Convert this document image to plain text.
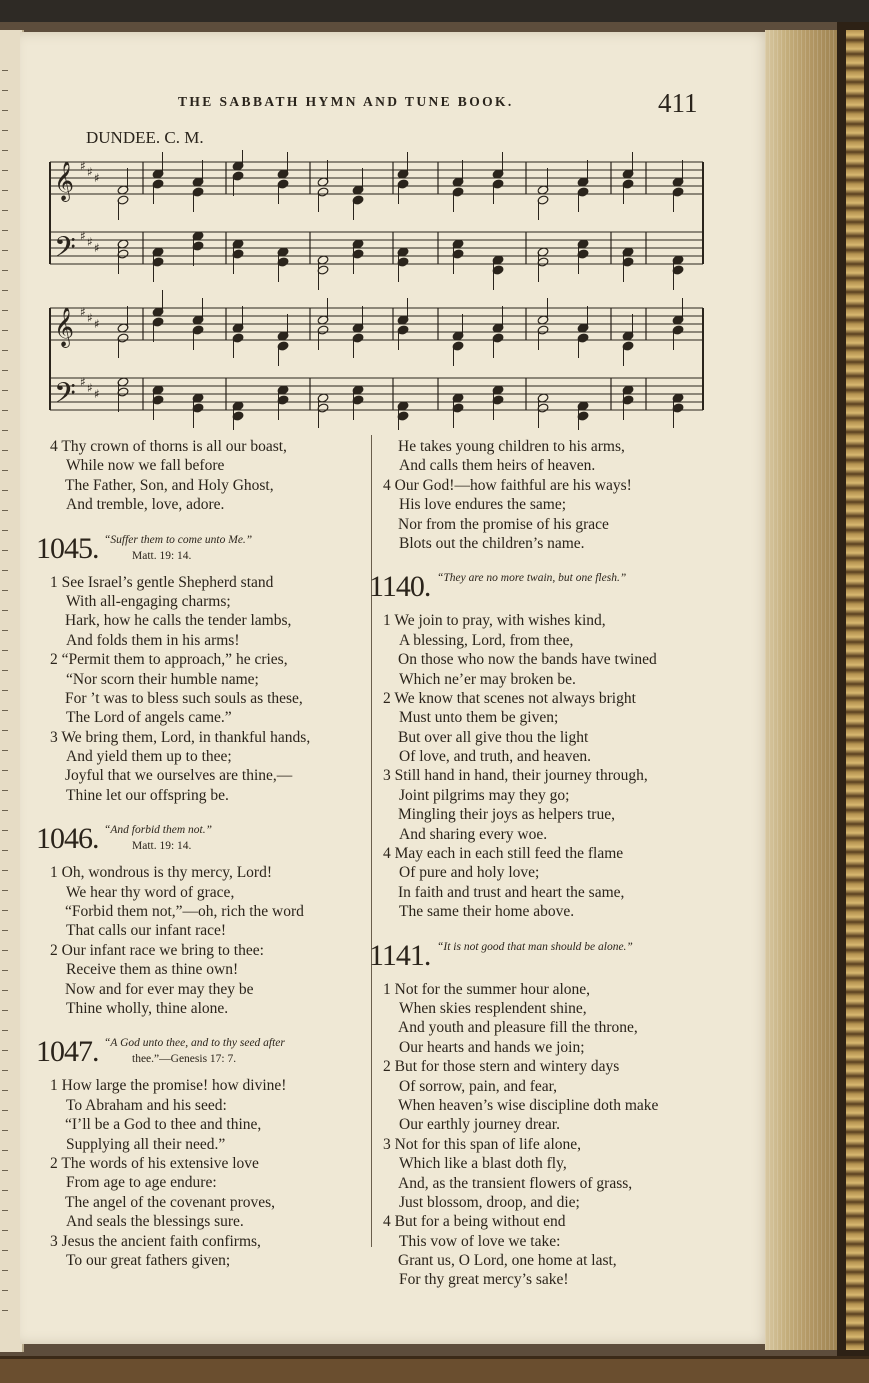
THE SABBATH HYMN AND TUNE BOOK.	411
DUNDEE. C. M.
𝄞 ♯ ♯ ♯
𝄢 ♯ ♯ ♯
𝄞 ♯ ♯ ♯
𝄢 ♯ ♯ ♯
4 Thy crown of thorns is all our boast,
While now we fall before
The Father, Son, and Holy Ghost,
And tremble, love, adore.
1045. “Suffer them to come unto Me.”
Matt. 19: 14.
1 See Israel’s gentle Shepherd stand
With all-engaging charms;
Hark, how he calls the tender lambs,
And folds them in his arms!
2 “Permit them to approach,” he cries,
“Nor scorn their humble name;
For ’t was to bless such souls as these,
The Lord of angels came.”
3 We bring them, Lord, in thankful hands,
And yield them up to thee;
Joyful that we ourselves are thine,—
Thine let our offspring be.
1046. “And forbid them not.”
Matt. 19: 14.
1 Oh, wondrous is thy mercy, Lord!
We hear thy word of grace,
“Forbid them not,”—oh, rich the word
That calls our infant race!
2 Our infant race we bring to thee:
Receive them as thine own!
Now and for ever may they be
Thine wholly, thine alone.
1047. “A God unto thee, and to thy seed after
thee.”—Genesis 17: 7.
1 How large the promise! how divine!
To Abraham and his seed:
“I’ll be a God to thee and thine,
Supplying all their need.”
2 The words of his extensive love
From age to age endure:
The angel of the covenant proves,
And seals the blessings sure.
3 Jesus the ancient faith confirms,
To our great fathers given;
He takes young children to his arms,
And calls them heirs of heaven.
4 Our God!—how faithful are his ways!
His love endures the same;
Nor from the promise of his grace
Blots out the children’s name.
1140. “They are no more twain, but one flesh.”
1 We join to pray, with wishes kind,
A blessing, Lord, from thee,
On those who now the bands have twined
Which ne’er may broken be.
2 We know that scenes not always bright
Must unto them be given;
But over all give thou the light
Of love, and truth, and heaven.
3 Still hand in hand, their journey through,
Joint pilgrims may they go;
Mingling their joys as helpers true,
And sharing every woe.
4 May each in each still feed the flame
Of pure and holy love;
In faith and trust and heart the same,
The same their home above.
1141. “It is not good that man should be alone.”
1 Not for the summer hour alone,
When skies resplendent shine,
And youth and pleasure fill the throne,
Our hearts and hands we join;
2 But for those stern and wintery days
Of sorrow, pain, and fear,
When heaven’s wise discipline doth make
Our earthly journey drear.
3 Not for this span of life alone,
Which like a blast doth fly,
And, as the transient flowers of grass,
Just blossom, droop, and die;
4 But for a being without end
This vow of love we take:
Grant us, O Lord, one home at last,
For thy great mercy’s sake!
